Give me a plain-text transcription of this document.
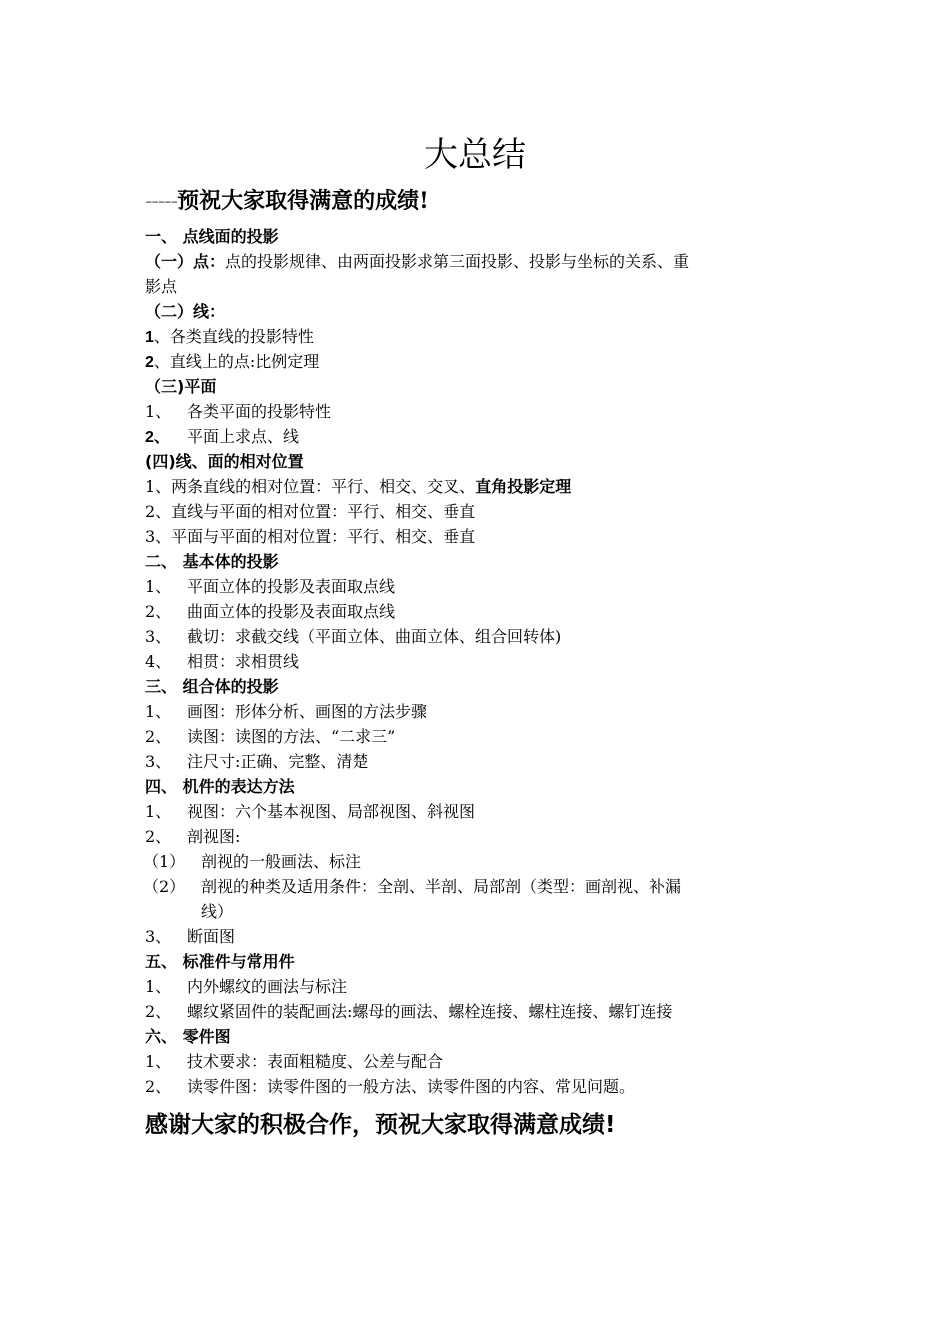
大总结
-----预祝大家取得满意的成绩!
一、 点线面的投影
（一）点：点的投影规律、由两面投影求第三面投影、投影与坐标的关系、重
影点
（二）线：
1、各类直线的投影特性
2、直线上的点:比例定理
（三)平面
1、 各类平面的投影特性
2、 平面上求点、线
(四)线、面的相对位置
1、两条直线的相对位置：平行、相交、交叉、直角投影定理
2、直线与平面的相对位置：平行、相交、垂直
3、平面与平面的相对位置：平行、相交、垂直
二、 基本体的投影
1、 平面立体的投影及表面取点线
2、 曲面立体的投影及表面取点线
3、 截切：求截交线（平面立体、曲面立体、组合回转体)
4、 相贯：求相贯线
三、 组合体的投影
1、 画图：形体分析、画图的方法步骤
2、 读图：读图的方法、“二求三”
3、 注尺寸:正确、完整、清楚
四、 机件的表达方法
1、 视图：六个基本视图、局部视图、斜视图
2、 剖视图:
（1） 剖视的一般画法、标注
（2） 剖视的种类及适用条件：全剖、半剖、局部剖（类型：画剖视、补漏
线）
3、 断面图
五、 标准件与常用件
1、 内外螺纹的画法与标注
2、 螺纹紧固件的装配画法:螺母的画法、螺栓连接、螺柱连接、螺钉连接
六、 零件图
1、 技术要求：表面粗糙度、公差与配合
2、 读零件图：读零件图的一般方法、读零件图的内容、常见问题。
感谢大家的积极合作，预祝大家取得满意成绩!
